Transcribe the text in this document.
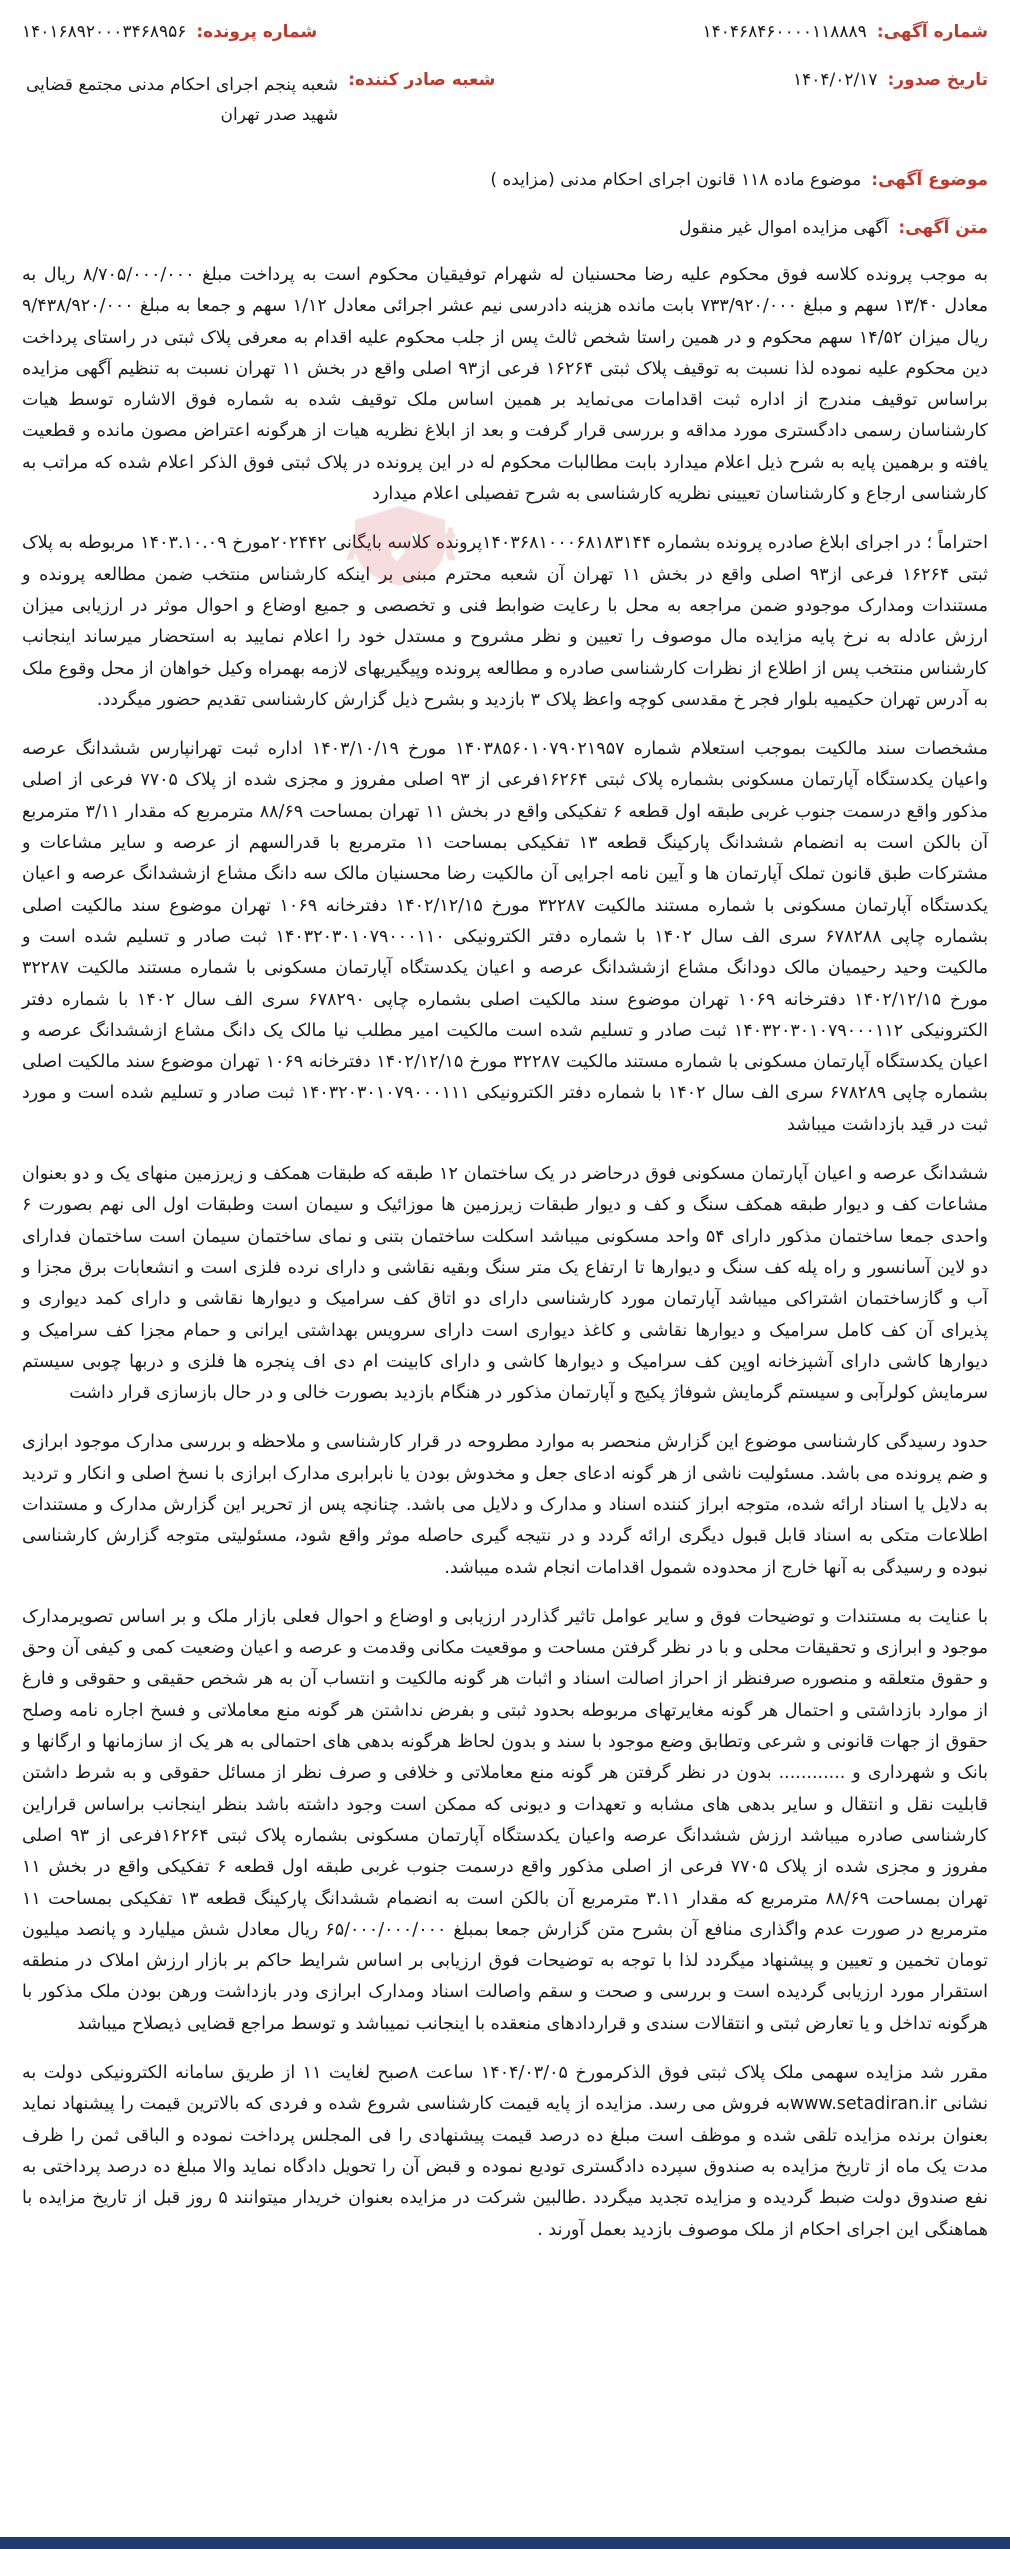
Ariat
شماره آگهی:
۱۴۰۴۶۸۴۶۰۰۰۰۱۱۸۸۸۹
شماره پرونده:
۱۴۰۱۶۸۹۲۰۰۰۳۴۶۸۹۵۶
تاریخ صدور:
۱۴۰۴/۰۲/۱۷
شعبه صادر کننده:
شعبه پنجم اجرای احکام مدنی مجتمع قضایی شهید صدر تهران
موضوع آگهی:
موضوع ماده ۱۱۸ قانون اجرای احکام مدنی (مزایده )
متن آگهی:
آگهی مزایده اموال غیر منقول

به موجب پرونده کلاسه فوق محکوم علیه رضا محسنیان له شهرام توفیقیان محکوم است به پرداخت مبلغ ۸/۷۰۵/۰۰۰/۰۰۰ ریال به معادل ۱۳/۴۰ سهم و مبلغ ۷۳۳/۹۲۰/۰۰۰ بابت مانده هزینه دادرسی نیم عشر اجرائی معادل ۱/۱۲ سهم و جمعا به مبلغ ۹/۴۳۸/۹۲۰/۰۰۰ ریال میزان ۱۴/۵۲ سهم محکوم و در همین راستا شخص ثالث پس از جلب محکوم علیه اقدام به معرفی پلاک ثبتی در راستای پرداخت دین محکوم علیه نموده لذا نسبت به توقیف پلاک ثبتی ۱۶۲۶۴ فرعی از۹۳ اصلی واقع در بخش ۱۱ تهران نسبت به تنظیم آگهی مزایده براساس توقیف مندرج از اداره ثبت اقدامات می‌نماید بر همین اساس ملک توقیف شده به شماره فوق الاشاره توسط هیات کارشناسان رسمی دادگستری مورد مداقه و بررسی قرار گرفت و بعد از ابلاغ نظریه هیات از هرگونه اعتراض مصون مانده و قطعیت یافته و برهمین پایه به شرح ذیل اعلام میدارد بابت مطالبات محکوم له در این پرونده در پلاک ثبتی فوق الذکر اعلام شده که مراتب به کارشناسی ارجاع و کارشناسان تعیینی نظریه کارشناسی به شرح تفصیلی اعلام میدارد

احتراماً ؛ در اجرای ابلاغ صادره پرونده بشماره ۱۴۰۳۶۸۱۰۰۰۶۸۱۸۳۱۴۴پرونده کلاسه بایگانی ۲۰۲۴۴۲مورخ ۱۴۰۳.۱۰.۰۹ مربوطه به پلاک ثبتی ۱۶۲۶۴ فرعی از۹۳ اصلی واقع در بخش ۱۱ تهران آن شعبه محترم مبنی بر اینکه کارشناس منتخب ضمن مطالعه پرونده و مستندات ومدارک موجودو ضمن مراجعه به محل با رعایت ضوابط فنی و تخصصی و جمیع اوضاع و احوال موثر در ارزیابی میزان ارزش عادله به نرخ پایه مزایده مال موصوف را تعیین و نظر مشروح و مستدل خود را اعلام نمایید به استحضار میرساند اینجانب کارشناس منتخب پس از اطلاع از نظرات کارشناسی صادره و مطالعه پرونده وپیگیریهای لازمه بهمراه وکیل خواهان از محل وقوع ملک به آدرس تهران حکیمیه بلوار فجر خ مقدسی کوچه واعظ پلاک ۳ بازدید و بشرح ذیل گزارش کارشناسی تقدیم حضور میگردد.

مشخصات سند مالکیت بموجب استعلام شماره ۱۴۰۳۸۵۶۰۱۰۷۹۰۲۱۹۵۷ مورخ ۱۴۰۳/۱۰/۱۹ اداره ثبت تهرانپارس ششدانگ عرصه واعیان یکدستگاه آپارتمان مسکونی بشماره پلاک ثبتی ۱۶۲۶۴فرعی از ۹۳ اصلی مفروز و مجزی شده از پلاک ۷۷۰۵ فرعی از اصلی مذکور واقع درسمت جنوب غربی طبقه اول قطعه ۶ تفکیکی واقع در بخش ۱۱ تهران بمساحت ۸۸/۶۹ مترمربع که مقدار ۳/۱۱ مترمربع آن بالکن است به انضمام ششدانگ پارکینگ قطعه ۱۳ تفکیکی بمساحت ۱۱ مترمربع با قدرالسهم از عرصه و سایر مشاعات و مشترکات طبق قانون تملک آپارتمان ها و آیین نامه اجرایی آن مالکیت رضا محسنیان مالک سه دانگ مشاع ازششدانگ عرصه و اعیان یکدستگاه آپارتمان مسکونی با شماره مستند مالکیت ۳۲۲۸۷ مورخ ۱۴۰۲/۱۲/۱۵ دفترخانه ۱۰۶۹ تهران موضوع سند مالکیت اصلی بشماره چاپی ۶۷۸۲۸۸ سری الف سال ۱۴۰۲ با شماره دفتر الکترونیکی ۱۴۰۳۲۰۳۰۱۰۷۹۰۰۰۱۱۰ ثبت صادر و تسلیم شده است و مالکیت وحید رحیمیان مالک دودانگ مشاع ازششدانگ عرصه و اعیان یکدستگاه آپارتمان مسکونی با شماره مستند مالکیت ۳۲۲۸۷ مورخ ۱۴۰۲/۱۲/۱۵ دفترخانه ۱۰۶۹ تهران موضوع سند مالکیت اصلی بشماره چاپی ۶۷۸۲۹۰ سری الف سال ۱۴۰۲ با شماره دفتر الکترونیکی ۱۴۰۳۲۰۳۰۱۰۷۹۰۰۰۱۱۲ ثبت صادر و تسلیم شده است مالکیت امیر مطلب نیا مالک یک دانگ مشاع ازششدانگ عرصه و اعیان یکدستگاه آپارتمان مسکونی با شماره مستند مالکیت ۳۲۲۸۷ مورخ ۱۴۰۲/۱۲/۱۵ دفترخانه ۱۰۶۹ تهران موضوع سند مالکیت اصلی بشماره چاپی ۶۷۸۲۸۹ سری الف سال ۱۴۰۲ با شماره دفتر الکترونیکی ۱۴۰۳۲۰۳۰۱۰۷۹۰۰۰۱۱۱ ثبت صادر و تسلیم شده است و مورد ثبت در قید بازداشت میباشد

ششدانگ عرصه و اعیان آپارتمان مسکونی فوق درحاضر در یک ساختمان ۱۲ طبقه که طبقات همکف و زیرزمین منهای یک و دو بعنوان مشاعات کف و دیوار طبقه همکف سنگ و کف و دیوار طبقات زیرزمین ها موزائیک و سیمان است وطبقات اول الی نهم بصورت ۶ واحدی جمعا ساختمان مذکور دارای ۵۴ واحد مسکونی میباشد اسکلت ساختمان بتنی و نمای ساختمان سیمان است ساختمان فدارای دو لاین آسانسور و راه پله کف سنگ و دیوارها تا ارتفاع یک متر سنگ وبقیه نقاشی و دارای نرده فلزی است و انشعابات برق مجزا و آب و گازساختمان اشتراکی میباشد آپارتمان مورد کارشناسی دارای دو اتاق کف سرامیک و دیوارها نقاشی و دارای کمد دیواری و پذیرای آن کف کامل سرامیک و دیوارها نقاشی و کاغذ دیواری است دارای سرویس بهداشتی ایرانی و حمام مجزا کف سرامیک و دیوارها کاشی دارای آشپزخانه اوپن کف سرامیک و دیوارها کاشی و دارای کابینت ام دی اف پنجره ها فلزی و دربها چوبی سیستم سرمایش کولرآبی و سیستم گرمایش شوفاژ پکیج و آپارتمان مذکور در هنگام بازدید بصورت خالی و در حال بازسازی قرار داشت

حدود رسیدگی کارشناسی موضوع این گزارش منحصر به موارد مطروحه در قرار کارشناسی و ملاحظه و بررسی مدارک موجود ابرازی و ضم پرونده می باشد. مسئولیت ناشی از هر گونه ادعای جعل و مخدوش بودن یا نابرابری مدارک ابرازی با نسخ اصلی و انکار و تردید به دلایل یا اسناد ارائه شده، متوجه ابراز کننده اسناد و مدارک و دلایل می باشد. چنانچه پس از تحریر این گزارش مدارک و مستندات اطلاعات متکی به اسناد قابل قبول دیگری ارائه گردد و در نتیجه گیری حاصله موثر واقع شود، مسئولیتی متوجه گزارش کارشناسی نبوده و رسیدگی به آنها خارج از محدوده شمول اقدامات انجام شده میباشد.

با عنایت به مستندات و توضیحات فوق و سایر عوامل تاثیر گذاردر ارزیابی و اوضاع و احوال فعلی بازار ملک و بر اساس تصویرمدارک موجود و ابرازی و تحقیقات محلی و با در نظر گرفتن مساحت و موقعیت مکانی وقدمت و عرصه و اعیان وضعیت کمی و کیفی آن وحق و حقوق متعلقه و منصوره صرفنظر از احراز اصالت اسناد و اثبات هر گونه مالکیت و انتساب آن به هر شخص حقیقی و حقوقی و فارغ از موارد بازداشتی و احتمال هر گونه مغایرتهای مربوطه بحدود ثبتی و بفرض نداشتن هر گونه منع معاملاتی و فسخ اجاره نامه وصلح حقوق از جهات قانونی و شرعی وتطابق وضع موجود با سند و بدون لحاظ هرگونه بدهی های احتمالی به هر یک از سازمانها و ارگانها و بانک و شهرداری و ............ بدون در نظر گرفتن هر گونه منع معاملاتی و خلافی و صرف نظر از مسائل حقوقی و به شرط داشتن قابلیت نقل و انتقال و سایر بدهی های مشابه و تعهدات و دیونی که ممکن است وجود داشته باشد بنظر اینجانب براساس قراراین کارشناسی صادره میباشد ارزش ششدانگ عرصه واعیان یکدستگاه آپارتمان مسکونی بشماره پلاک ثبتی ۱۶۲۶۴فرعی از ۹۳ اصلی مفروز و مجزی شده از پلاک ۷۷۰۵ فرعی از اصلی مذکور واقع درسمت جنوب غربی طبقه اول قطعه ۶ تفکیکی واقع در بخش ۱۱ تهران بمساحت ۸۸/۶۹ مترمربع که مقدار ۳.۱۱ مترمربع آن بالکن است به انضمام ششدانگ پارکینگ قطعه ۱۳ تفکیکی بمساحت ۱۱ مترمربع در صورت عدم واگذاری منافع آن بشرح متن گزارش جمعا بمبلغ ۶۵/۰۰۰/۰۰۰/۰۰۰ ریال معادل شش میلیارد و پانصد میلیون تومان تخمین و تعیین و پیشنهاد میگردد لذا با توجه به توضیحات فوق ارزیابی بر اساس شرایط حاکم بر بازار ارزش املاک در منطقه استقرار مورد ارزیابی گردیده است و بررسی و صحت و سقم واصالت اسناد ومدارک ابرازی ودر بازداشت ورهن بودن ملک مذکور با هرگونه تداخل و یا تعارض ثبتی و انتقالات سندی و قراردادهای منعقده با اینجانب نمیباشد و توسط مراجع قضایی ذیصلاح میباشد

مقرر شد مزایده سهمی ملک پلاک ثبتی فوق الذکرمورخ ۱۴۰۴/۰۳/۰۵ ساعت ۸صبح لغایت ۱۱ از طریق سامانه الکترونیکی دولت به نشانی www.setadiran.irبه فروش می رسد. مزایده از پایه قیمت کارشناسی شروع شده و فردی که بالاترین قیمت را پیشنهاد نماید بعنوان برنده مزایده تلقی شده و موظف است مبلغ ده درصد قیمت پیشنهادی را فی المجلس پرداخت نموده و الباقی ثمن را ظرف مدت یک ماه از تاریخ مزایده به صندوق سپرده دادگستری تودیع نموده و قبض آن را تحویل دادگاه نماید والا مبلغ ده درصد پرداختی به نفع صندوق دولت ضبط گردیده و مزایده تجدید میگردد .طالبین شرکت در مزایده بعنوان خریدار میتوانند ۵ روز قبل از تاریخ مزایده با هماهنگی این اجرای احکام از ملک موصوف بازدید بعمل آورند .
